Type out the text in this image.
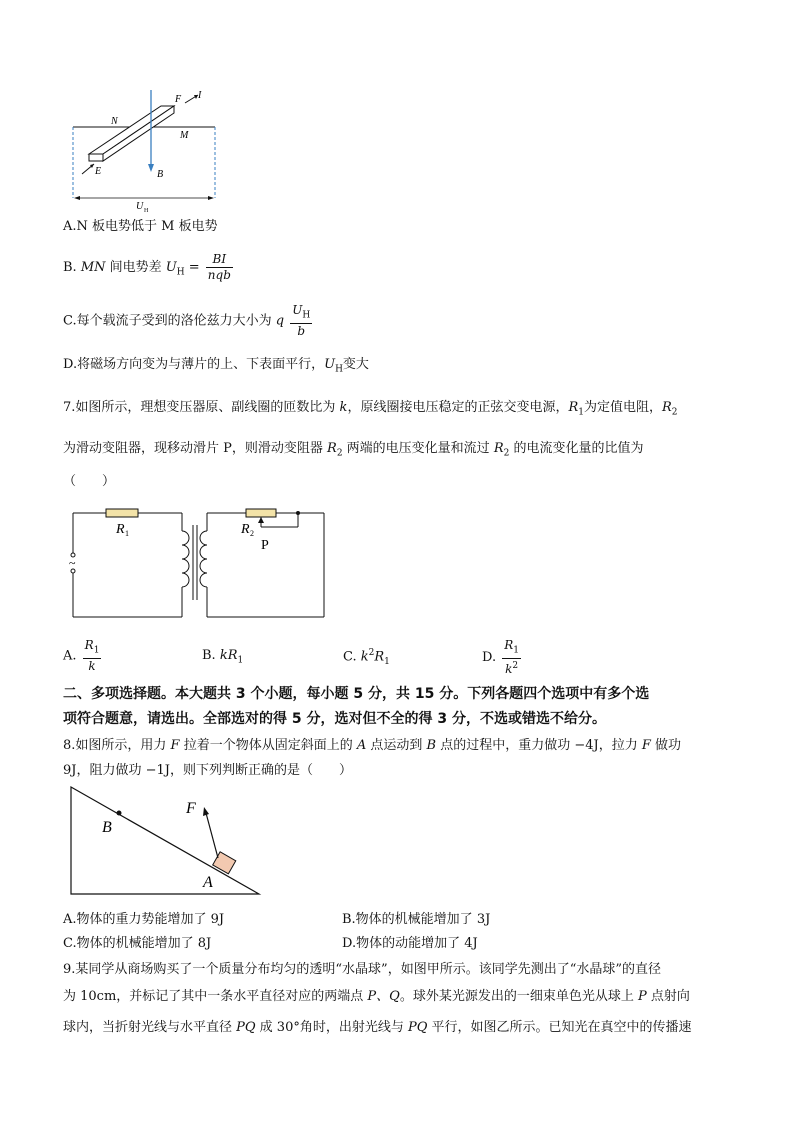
F I
N
M
E	B
U H
A.N 板电势低于 M 板电势
B. MN 间电势差 $U_H = \frac{BI}{\text{nqb}}$
C.每个载流子受到的洛伦兹力大小为 q $\frac{U_H}{b}$
D.将磁场方向变为与薄片的上、下表面平行，$U_H$变大
7.如图所示，理想变压器原、副线圈的匝数比为 k，原线圈接电压稳定的正弦交变电源，$R_1$为定值电阻，$R_2$
为滑动变阻器，现移动滑片 P，则滑动变阻器 $R_2$ 两端的电压变化量和流过 $R_2$ 的电流变化量的比值为
（　　）
R 1	R 2
P
~
A. $\frac{R_1}{k}$	B. $kR_1$	C. $k^2R_1$	D. $\frac{R_1}{k^2}$
二、多项选择题。本大题共 3 个小题，每小题 5 分，共 15 分。下列各题四个选项中有多个选
项符合题意，请选出。全部选对的得 5 分，选对但不全的得 3 分，不选或错选不给分。
8.如图所示，用力 F 拉着一个物体从固定斜面上的 A 点运动到 B 点的过程中，重力做功 −4J，拉力 F 做功
9J，阻力做功 −1J，则下列判断正确的是（　　）
B
F
A
A.物体的重力势能增加了 9J	B.物体的机械能增加了 3J
C.物体的机械能增加了 8J	D.物体的动能增加了 4J
9.某同学从商场购买了一个质量分布均匀的透明“水晶球”，如图甲所示。该同学先测出了“水晶球”的直径
为 10cm，并标记了其中一条水平直径对应的两端点 P、Q。球外某光源发出的一细束单色光从球上 P 点射向
球内，当折射光线与水平直径 PQ 成 30°角时，出射光线与 PQ 平行，如图乙所示。已知光在真空中的传播速
